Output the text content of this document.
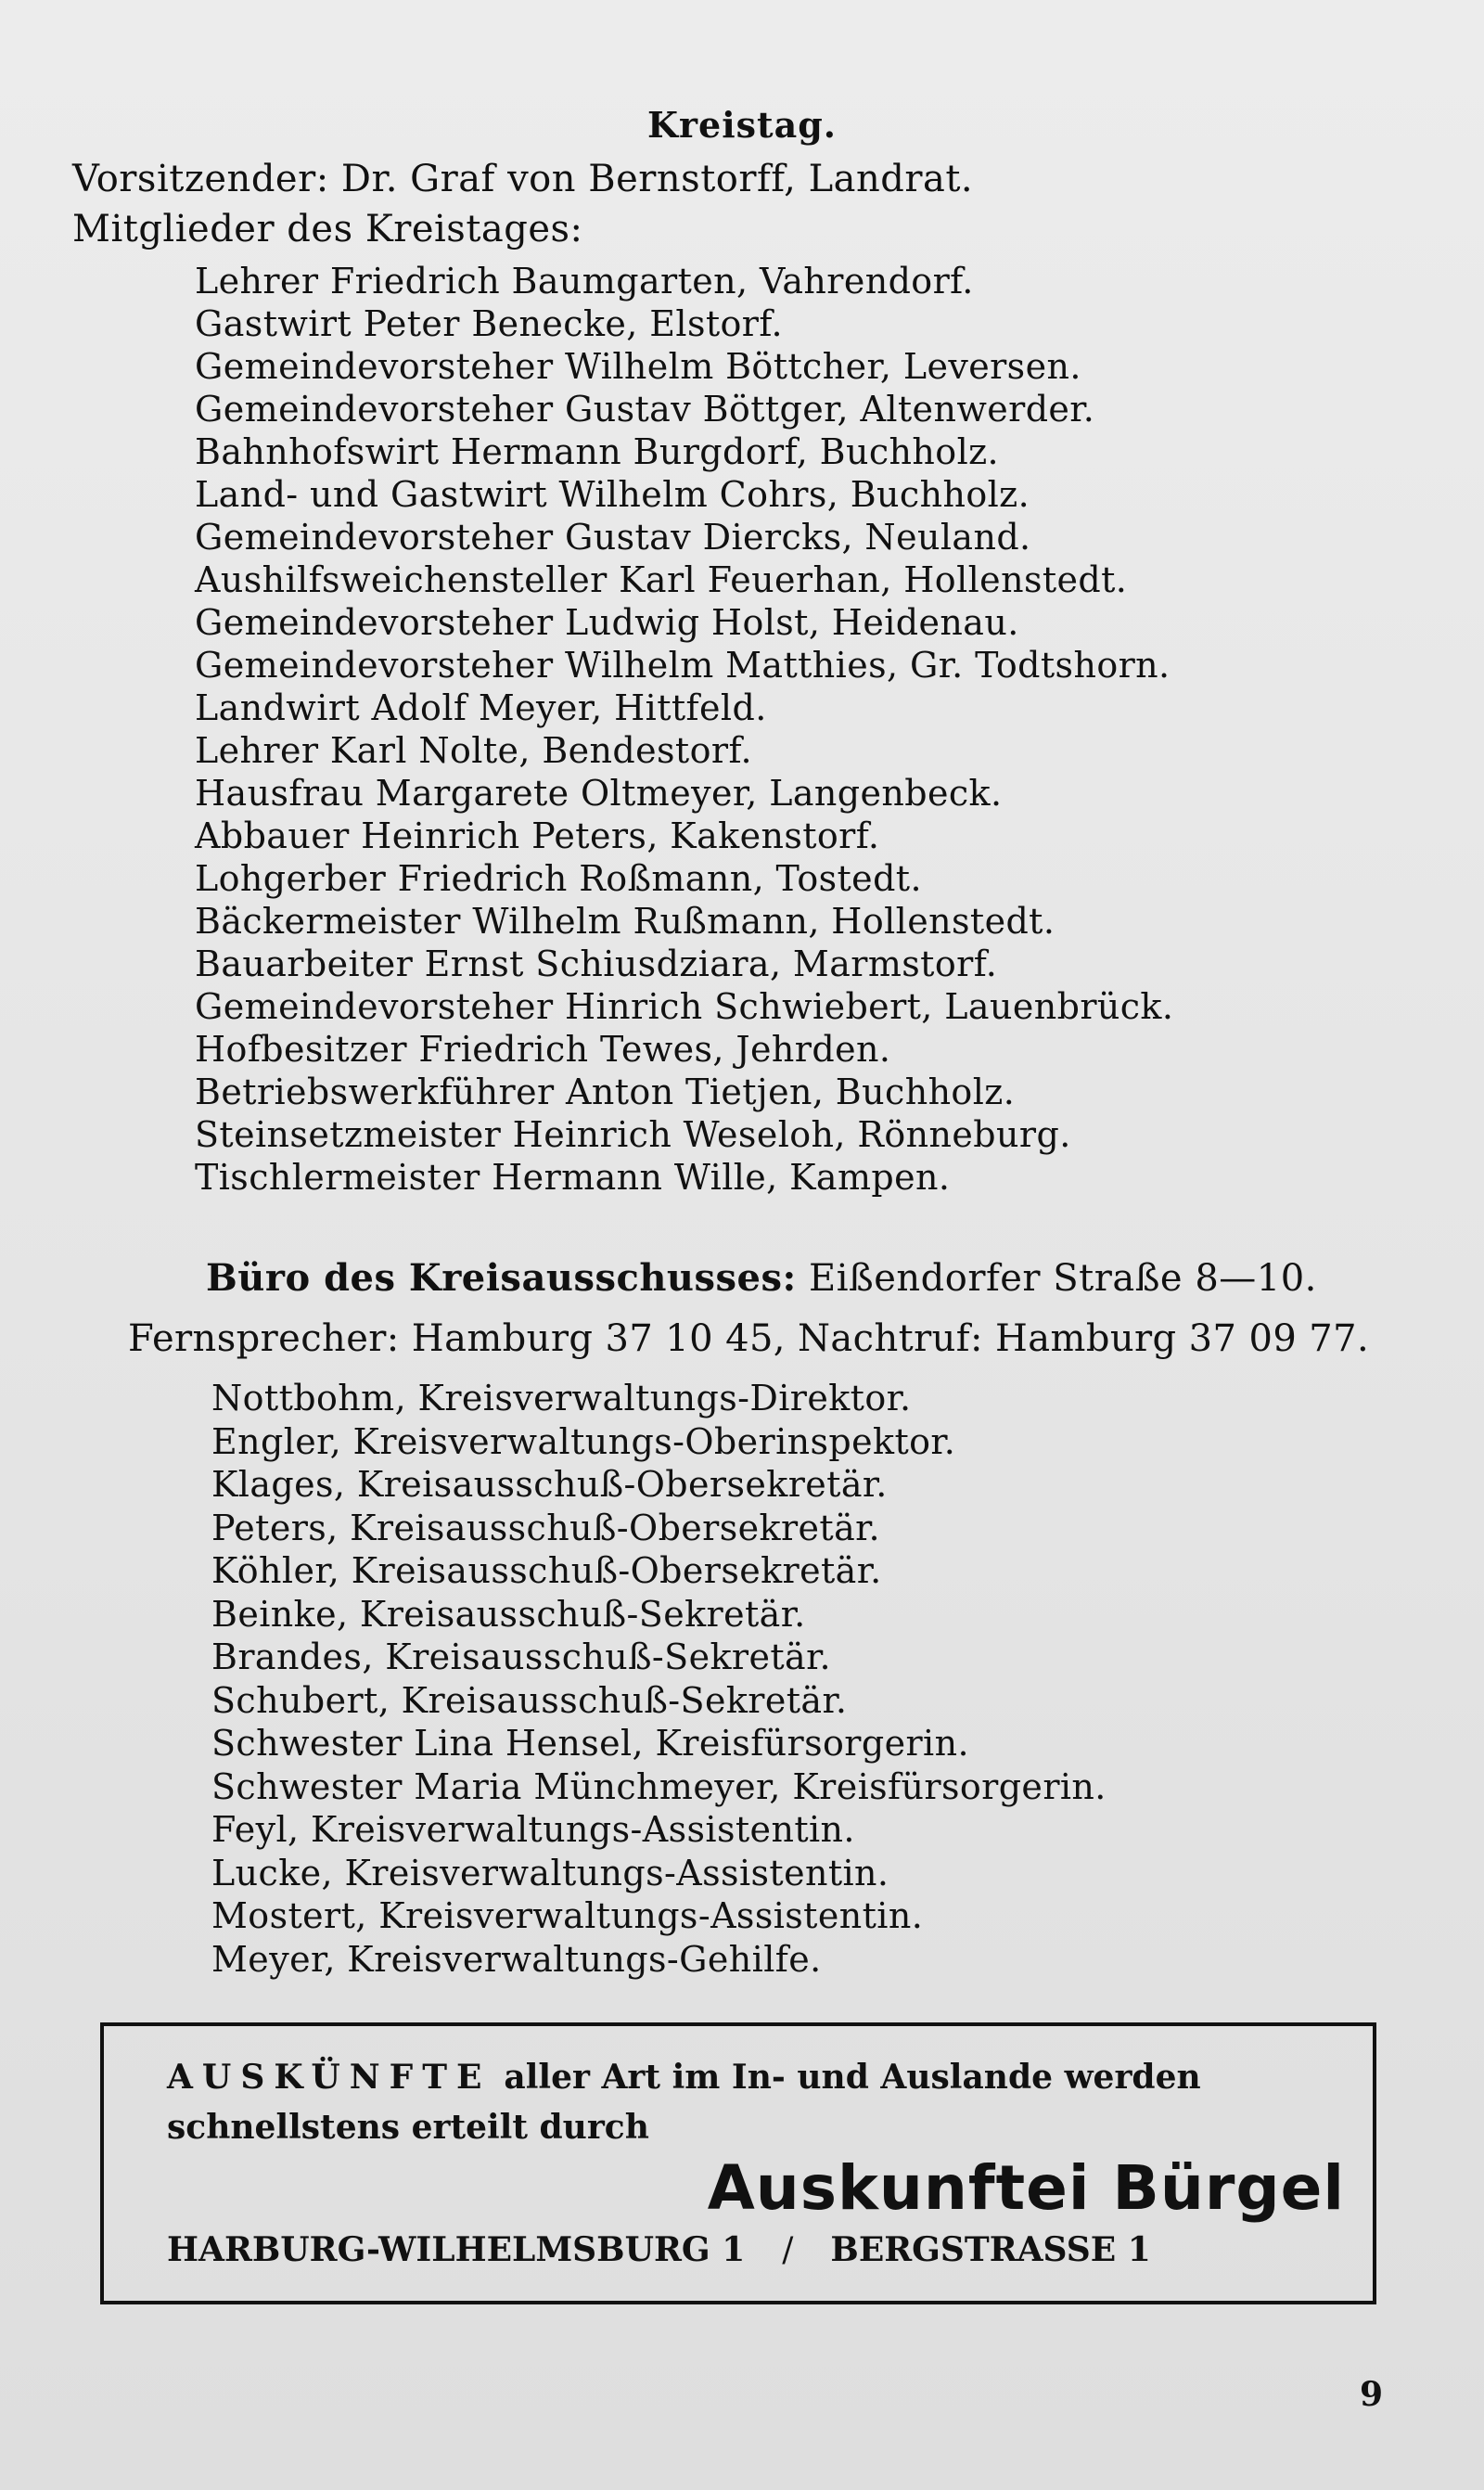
Kreistag.
Vorsitzender: Dr. Graf von Bernstorff, Landrat.
Mitglieder des Kreistages:
Lehrer Friedrich Baumgarten, Vahrendorf.
Gastwirt Peter Benecke, Elstorf.
Gemeindevorsteher Wilhelm Böttcher, Leversen.
Gemeindevorsteher Gustav Böttger, Altenwerder.
Bahnhofswirt Hermann Burgdorf, Buchholz.
Land- und Gastwirt Wilhelm Cohrs, Buchholz.
Gemeindevorsteher Gustav Diercks, Neuland.
Aushilfsweichensteller Karl Feuerhan, Hollenstedt.
Gemeindevorsteher Ludwig Holst, Heidenau.
Gemeindevorsteher Wilhelm Matthies, Gr. Todtshorn.
Landwirt Adolf Meyer, Hittfeld.
Lehrer Karl Nolte, Bendestorf.
Hausfrau Margarete Oltmeyer, Langenbeck.
Abbauer Heinrich Peters, Kakenstorf.
Lohgerber Friedrich Roßmann, Tostedt.
Bäckermeister Wilhelm Rußmann, Hollenstedt.
Bauarbeiter Ernst Schiusdziara, Marmstorf.
Gemeindevorsteher Hinrich Schwiebert, Lauenbrück.
Hofbesitzer Friedrich Tewes, Jehrden.
Betriebswerkführer Anton Tietjen, Buchholz.
Steinsetzmeister Heinrich Weseloh, Rönneburg.
Tischlermeister Hermann Wille, Kampen.
Büro des Kreisausschusses: Eißendorfer Straße 8—10.
Fernsprecher: Hamburg 37 10 45, Nachtruf: Hamburg 37 09 77.
Nottbohm, Kreisverwaltungs-Direktor.
Engler, Kreisverwaltungs-Oberinspektor.
Klages, Kreisausschuß-Obersekretär.
Peters, Kreisausschuß-Obersekretär.
Köhler, Kreisausschuß-Obersekretär.
Beinke, Kreisausschuß-Sekretär.
Brandes, Kreisausschuß-Sekretär.
Schubert, Kreisausschuß-Sekretär.
Schwester Lina Hensel, Kreisfürsorgerin.
Schwester Maria Münchmeyer, Kreisfürsorgerin.
Feyl, Kreisverwaltungs-Assistentin.
Lucke, Kreisverwaltungs-Assistentin.
Mostert, Kreisverwaltungs-Assistentin.
Meyer, Kreisverwaltungs-Gehilfe.
AUSKÜNFTE aller Art im In- und Auslande werden
schnellstens erteilt durch
Auskunftei Bürgel
HARBURG-WILHELMSBURG 1 / BERGSTRASSE 1
9
